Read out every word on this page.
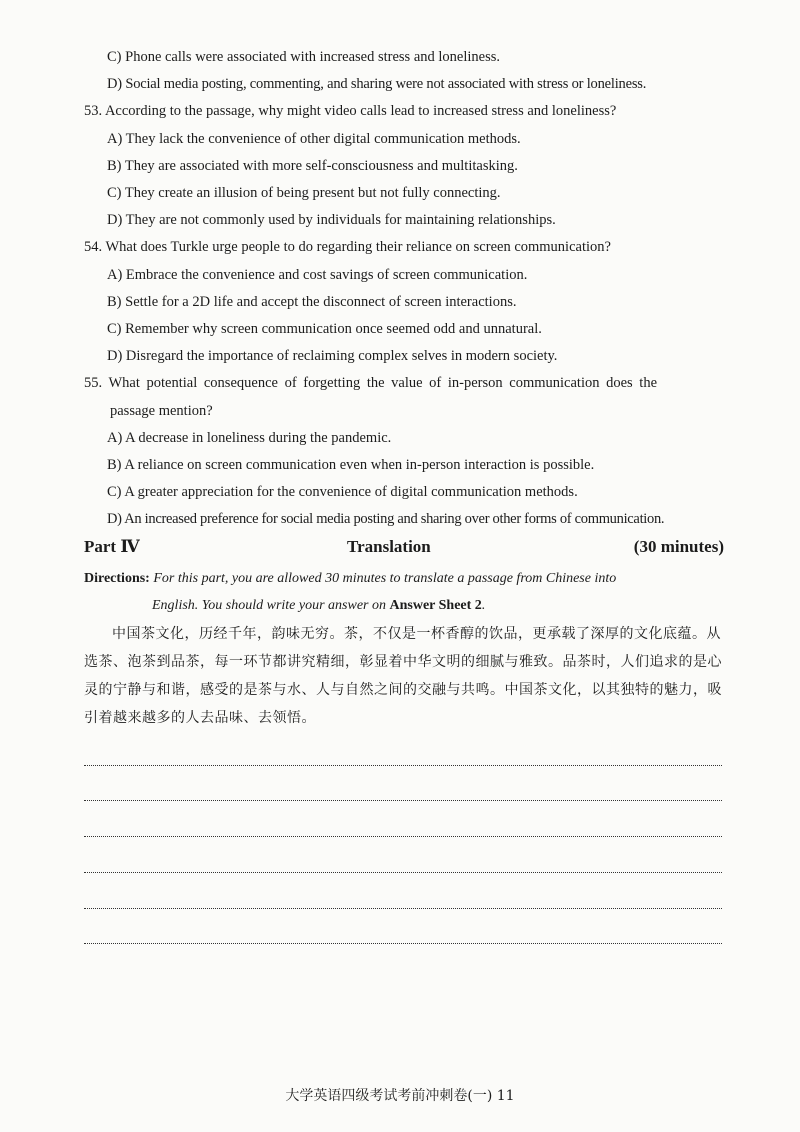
C) Phone calls were associated with increased stress and loneliness.
D) Social media posting, commenting, and sharing were not associated with stress or loneliness.
53. According to the passage, why might video calls lead to increased stress and loneliness?
A) They lack the convenience of other digital communication methods.
B) They are associated with more self-consciousness and multitasking.
C) They create an illusion of being present but not fully connecting.
D) They are not commonly used by individuals for maintaining relationships.
54. What does Turkle urge people to do regarding their reliance on screen communication?
A) Embrace the convenience and cost savings of screen communication.
B) Settle for a 2D life and accept the disconnect of screen interactions.
C) Remember why screen communication once seemed odd and unnatural.
D) Disregard the importance of reclaiming complex selves in modern society.
55. What potential consequence of forgetting the value of in-person communication does the
passage mention?
A) A decrease in loneliness during the pandemic.
B) A reliance on screen communication even when in-person interaction is possible.
C) A greater appreciation for the convenience of digital communication methods.
D) An increased preference for social media posting and sharing over other forms of communication.
Part Ⅳ	Translation	(30 minutes)
Directions: For this part, you are allowed 30 minutes to translate a passage from Chinese into
English. You should write your answer on Answer Sheet 2.
中国茶文化，历经千年，韵味无穷。茶，不仅是一杯香醇的饮品，更承载了深厚的文化底蕴。从选茶、泡茶到品茶，每一环节都讲究精细，彰显着中华文明的细腻与雅致。品茶时，人们追求的是心灵的宁静与和谐，感受的是茶与水、人与自然之间的交融与共鸣。中国茶文化，以其独特的魅力，吸引着越来越多的人去品味、去领悟。
大学英语四级考试考前冲刺卷(一) 11
